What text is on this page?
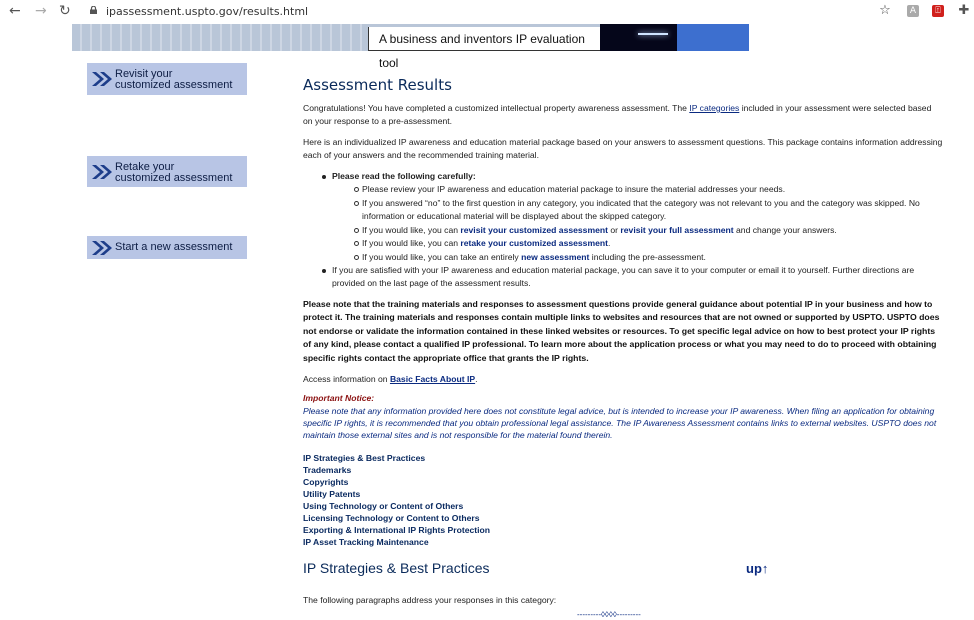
← → ↻	ipassessment.uspto.gov/results.html	☆	A	⍐ ✚
A business and inventors IP evaluation tool
Revisit your
customized assessment
Retake your
customized assessment
Start a new assessment
Assessment Results
Congratulations! You have completed a customized intellectual property awareness assessment. The IP categories included in your assessment were selected based on your response to a pre-assessment.
Here is an individualized IP awareness and education material package based on your answers to assessment questions. This package contains information addressing each of your answers and the recommended training material.
Please read the following carefully:
Please review your IP awareness and education material package to insure the material addresses your needs.
If you answered “no” to the first question in any category, you indicated that the category was not relevant to you and the category was skipped. No information or educational material will be displayed about the skipped category.
If you would like, you can revisit your customized assessment or revisit your full assessment and change your answers.
If you would like, you can retake your customized assessment.
If you would like, you can take an entirely new assessment including the pre-assessment.
If you are satisfied with your IP awareness and education material package, you can save it to your computer or email it to yourself. Further directions are provided on the last page of the assessment results.
Please note that the training materials and responses to assessment questions provide general guidance about potential IP in your business and how to protect it. The training materials and responses contain multiple links to websites and resources that are not owned or supported by USPTO. USPTO does not endorse or validate the information contained in these linked websites or resources. To get specific legal advice on how to best protect your IP rights of any kind, please contact a qualified IP professional. To learn more about the application process or what you may need to do to proceed with obtaining specific rights contact the appropriate office that grants the IP rights.
Access information on Basic Facts About IP.
Important Notice:
Please note that any information provided here does not constitute legal advice, but is intended to increase your IP awareness. When filing an application for obtaining specific IP rights, it is recommended that you obtain professional legal assistance. The IP Awareness Assessment contains links to external websites. USPTO does not maintain those external sites and is not responsible for the material found therein.
IP Strategies & Best Practices
Trademarks
Copyrights
Utility Patents
Using Technology or Content of Others
Licensing Technology or Content to Others
Exporting & International IP Rights Protection
IP Asset Tracking Maintenance
IP Strategies & Best Practices	up↑
The following paragraphs address your responses in this category:
---------◊◊◊◊---------
